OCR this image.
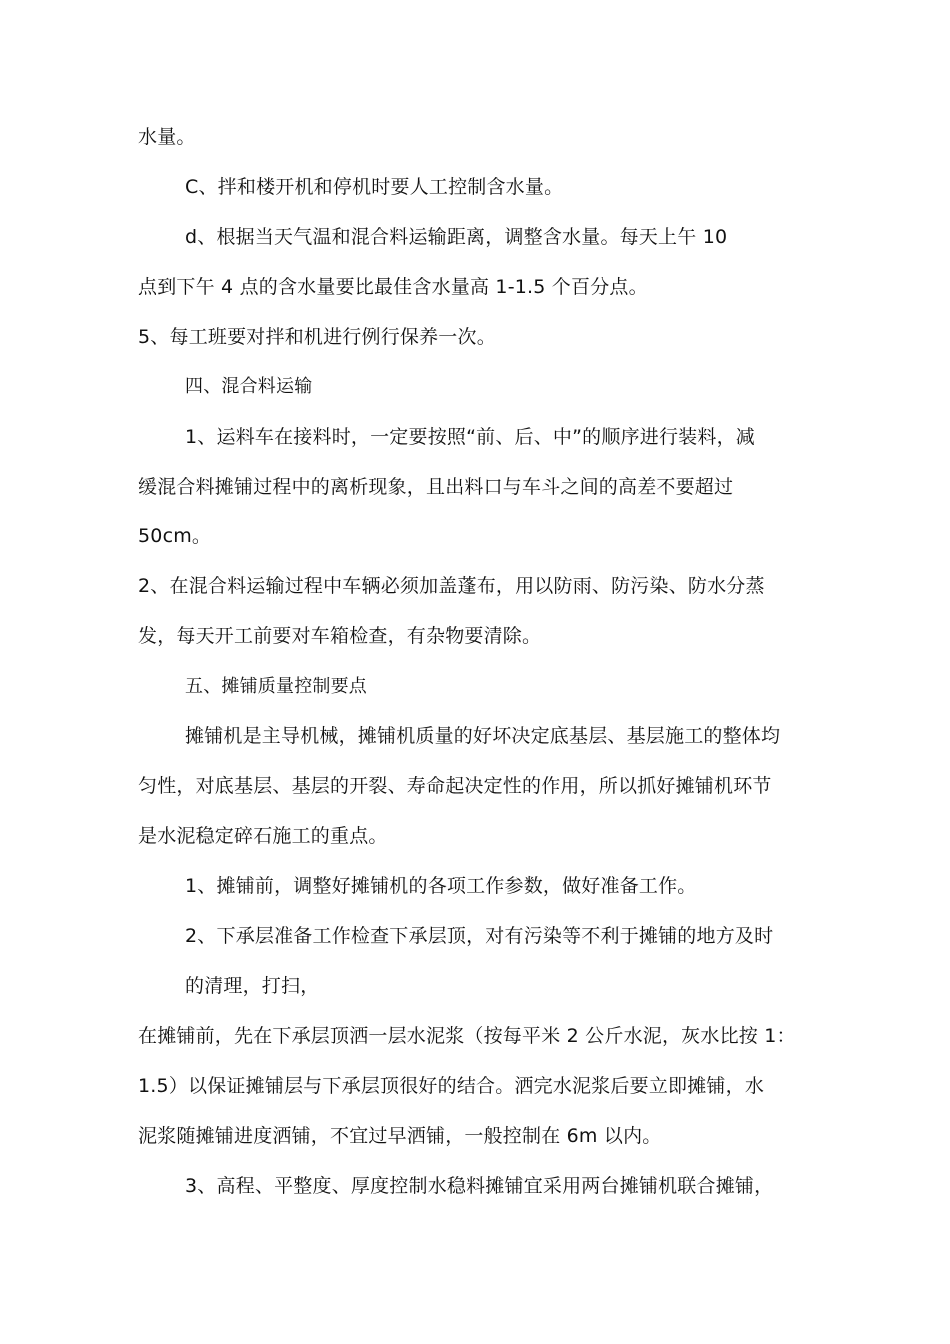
水量。
C、拌和楼开机和停机时要人工控制含水量。
d、根据当天气温和混合料运输距离，调整含水量。每天上午 10
点到下午 4 点的含水量要比最佳含水量高 1-1.5 个百分点。
5、每工班要对拌和机进行例行保养一次。
四、混合料运输
1、运料车在接料时，一定要按照“前、后、中”的顺序进行装料，减
缓混合料摊铺过程中的离析现象，且出料口与车斗之间的高差不要超过
50cm。
2、在混合料运输过程中车辆必须加盖蓬布，用以防雨、防污染、防水分蒸
发，每天开工前要对车箱检查，有杂物要清除。
五、摊铺质量控制要点
摊铺机是主导机械，摊铺机质量的好坏决定底基层、基层施工的整体均
匀性，对底基层、基层的开裂、寿命起决定性的作用，所以抓好摊铺机环节
是水泥稳定碎石施工的重点。
1、摊铺前，调整好摊铺机的各项工作参数，做好准备工作。
2、下承层准备工作检查下承层顶，对有污染等不利于摊铺的地方及时
的清理，打扫，
在摊铺前，先在下承层顶洒一层水泥浆（按每平米 2 公斤水泥，灰水比按 1：
1.5）以保证摊铺层与下承层顶很好的结合。洒完水泥浆后要立即摊铺，水
泥浆随摊铺进度洒铺，不宜过早洒铺，一般控制在 6m 以内。
3、高程、平整度、厚度控制水稳料摊铺宜采用两台摊铺机联合摊铺，
